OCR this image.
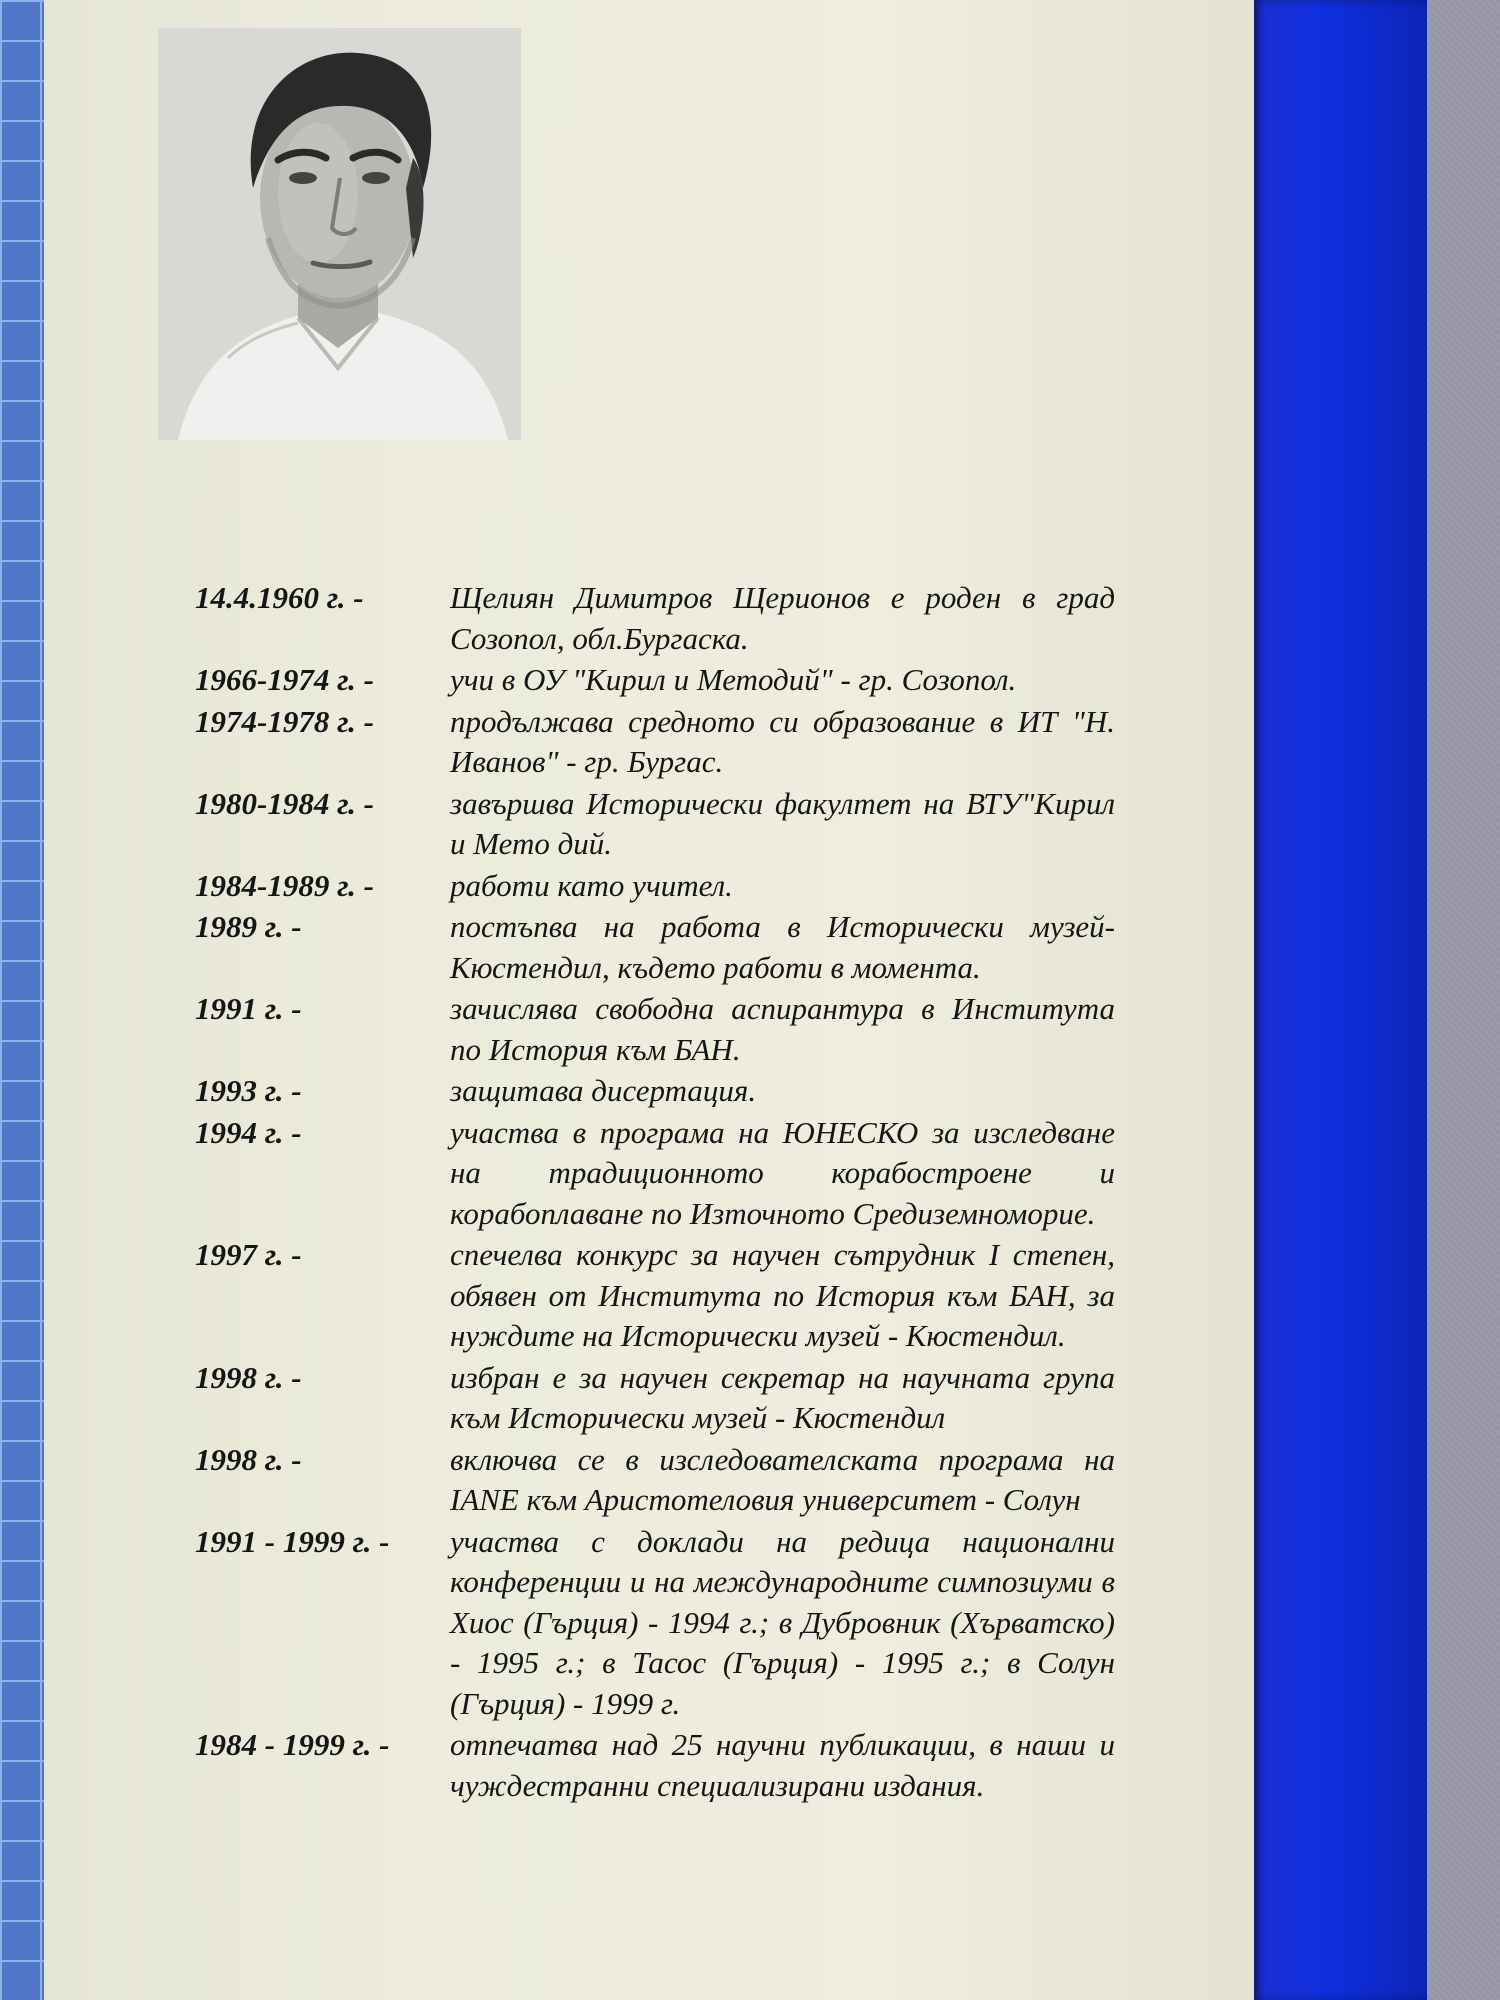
14.4.1960 г. -	Щелиян Димитров Щерионов е роден в град Созопол, обл.Бургаска.
1966-1974 г. -	учи в ОУ "Кирил и Методий" - гр. Созопол.
1974-1978 г. -	продължава средното си образование в ИТ "Н. Иванов" - гр. Бургас.
1980-1984 г. -	завършва Исторически факултет на ВТУ"Кирил и Мето дий.
1984-1989 г. -	работи като учител.
1989 г. -	постъпва на работа в Исторически музей-Кюстендил, където работи в момента.
1991 г. -	зачислява свободна аспирантура в Института по История към БАН.
1993 г. -	защитава дисертация.
1994 г. -	участва в програма на ЮНЕСКО за изследване на традиционното корабостроене и корабоплаване по Източното Средиземноморие.
1997 г. -	спечелва конкурс за научен сътрудник I степен, обявен от Института по История към БАН, за нуждите на Исторически музей - Кюстендил.
1998 г. -	избран е за научен секретар на научната група към Исторически музей - Кюстендил
1998 г. -	включва се в изследователската програма на IANE към Аристотеловия университет - Солун
1991 - 1999 г. -	участва с доклади на редица национални конференции и на международните симпозиуми в Хиос (Гърция) - 1994 г.; в Дубровник (Хърватско) - 1995 г.; в Тасос (Гърция) - 1995 г.; в Солун (Гърция) - 1999 г.
1984 - 1999 г. -	отпечатва над 25 научни публикации, в наши и чуждестранни специализирани издания.
